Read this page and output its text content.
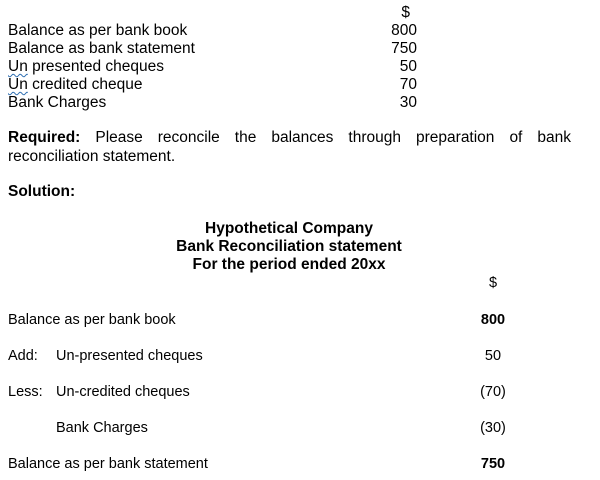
$
Balance as per bank book	800
Balance as bank statement	750
Un presented cheques	50
Un credited cheque	70
Bank Charges	30
Required: Please reconcile the balances through preparation of bank reconciliation statement.
Solution:
Hypothetical Company
Bank Reconciliation statement
For the period ended 20xx
$
Balance as per bank book	800
Add: Un-presented cheques	50
Less: Un-credited cheques	(70)
Bank Charges	(30)
Balance as per bank statement	750
